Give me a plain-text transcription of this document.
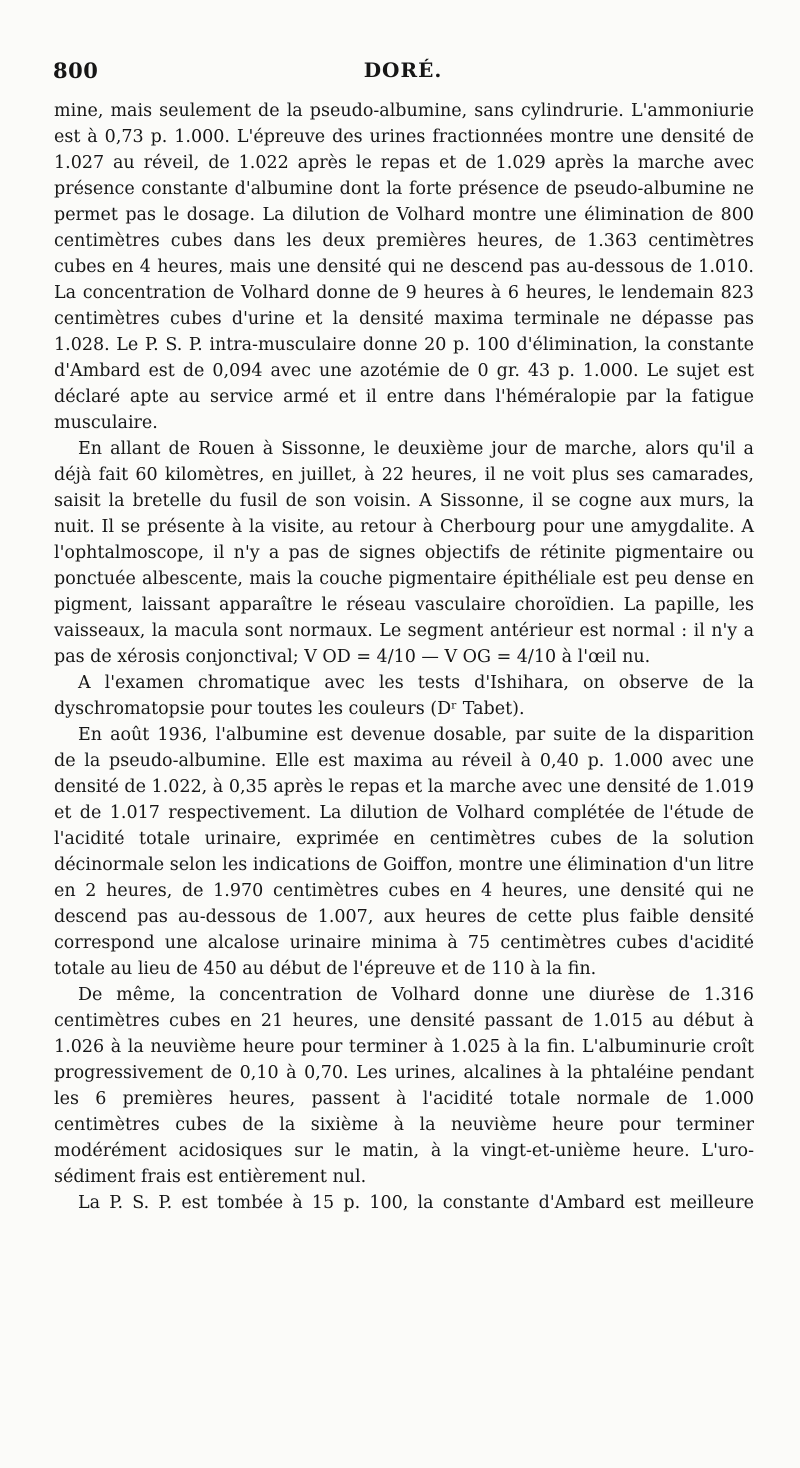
800	DORÉ.

mine, mais seulement de la pseudo-albumine, sans cylindrurie. L'ammoniurie est à 0,73 p. 1.000. L'épreuve des urines fractionnées montre une densité de 1.027 au réveil, de 1.022 après le repas et de 1.029 après la marche avec présence constante d'albumine dont la forte présence de pseudo-albumine ne permet pas le dosage. La dilution de Volhard montre une élimination de 800 centimètres cubes dans les deux premières heures, de 1.363 centimètres cubes en 4 heures, mais une densité qui ne descend pas au-dessous de 1.010. La concentration de Volhard donne de 9 heures à 6 heures, le lendemain 823 centimètres cubes d'urine et la densité maxima terminale ne dépasse pas 1.028. Le P. S. P. intra-musculaire donne 20 p. 100 d'élimination, la constante d'Ambard est de 0,094 avec une azotémie de 0 gr. 43 p. 1.000. Le sujet est déclaré apte au service armé et il entre dans l'héméralopie par la fatigue musculaire.

En allant de Rouen à Sissonne, le deuxième jour de marche, alors qu'il a déjà fait 60 kilomètres, en juillet, à 22 heures, il ne voit plus ses camarades, saisit la bretelle du fusil de son voisin. A Sissonne, il se cogne aux murs, la nuit. Il se présente à la visite, au retour à Cherbourg pour une amygdalite. A l'ophtalmoscope, il n'y a pas de signes objectifs de rétinite pigmentaire ou ponctuée albescente, mais la couche pigmentaire épithéliale est peu dense en pigment, laissant apparaître le réseau vasculaire choroïdien. La papille, les vaisseaux, la macula sont normaux. Le segment antérieur est normal : il n'y a pas de xérosis conjonctival; V OD = 4/10 — V OG = 4/10 à l'œil nu.

A l'examen chromatique avec les tests d'Ishihara, on observe de la dyschromatopsie pour toutes les couleurs (Dʳ Tabet).

En août 1936, l'albumine est devenue dosable, par suite de la disparition de la pseudo-albumine. Elle est maxima au réveil à 0,40 p. 1.000 avec une densité de 1.022, à 0,35 après le repas et la marche avec une densité de 1.019 et de 1.017 respectivement. La dilution de Volhard complétée de l'étude de l'acidité totale urinaire, exprimée en centimètres cubes de la solution décinormale selon les indications de Goiffon, montre une élimination d'un litre en 2 heures, de 1.970 centimètres cubes en 4 heures, une densité qui ne descend pas au-dessous de 1.007, aux heures de cette plus faible densité correspond une alcalose urinaire minima à 75 centimètres cubes d'acidité totale au lieu de 450 au début de l'épreuve et de 110 à la fin.

De même, la concentration de Volhard donne une diurèse de 1.316 centimètres cubes en 21 heures, une densité passant de 1.015 au début à 1.026 à la neuvième heure pour terminer à 1.025 à la fin. L'albuminurie croît progressivement de 0,10 à 0,70. Les urines, alcalines à la phtaléine pendant les 6 premières heures, passent à l'acidité totale normale de 1.000 centimètres cubes de la sixième à la neuvième heure pour terminer modérément acidosiques sur le matin, à la vingt-et-unième heure. L'uro-sédiment frais est entièrement nul.

La P. S. P. est tombée à 15 p. 100, la constante d'Ambard est meilleure
